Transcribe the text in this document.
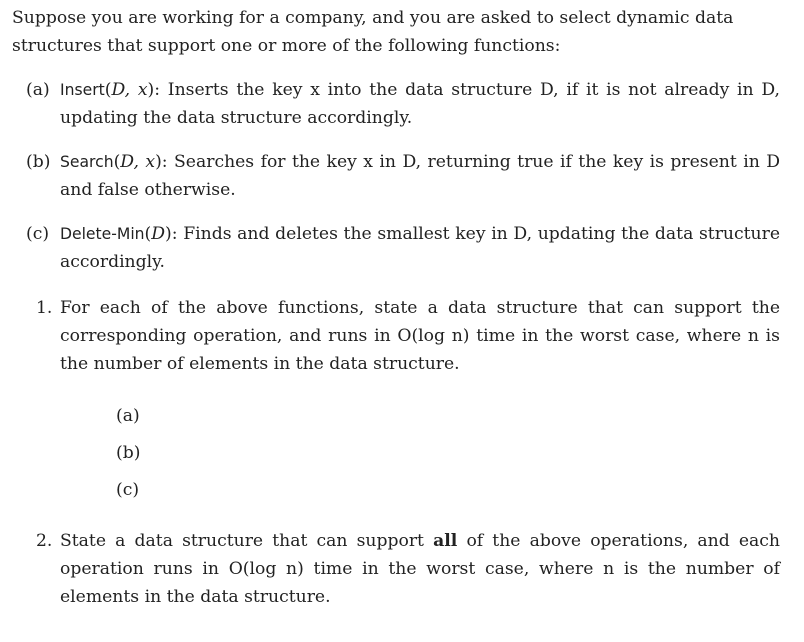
Suppose you are working for a company, and you are asked to select dynamic data structures that support one or more of the following functions:

(a) Insert(D, x): Inserts the key x into the data structure D, if it is not already in D, updating the data structure accordingly.
(b) Search(D, x): Searches for the key x in D, returning true if the key is present in D and false otherwise.
(c) Delete-Min(D): Finds and deletes the smallest key in D, updating the data structure accordingly.
1. For each of the above functions, state a data structure that can support the corresponding operation, and runs in O(log n) time in the worst case, where n is the number of elements in the data structure.
(a)
(b)
(c)
2. State a data structure that can support all of the above operations, and each operation runs in O(log n) time in the worst case, where n is the number of elements in the data structure.
